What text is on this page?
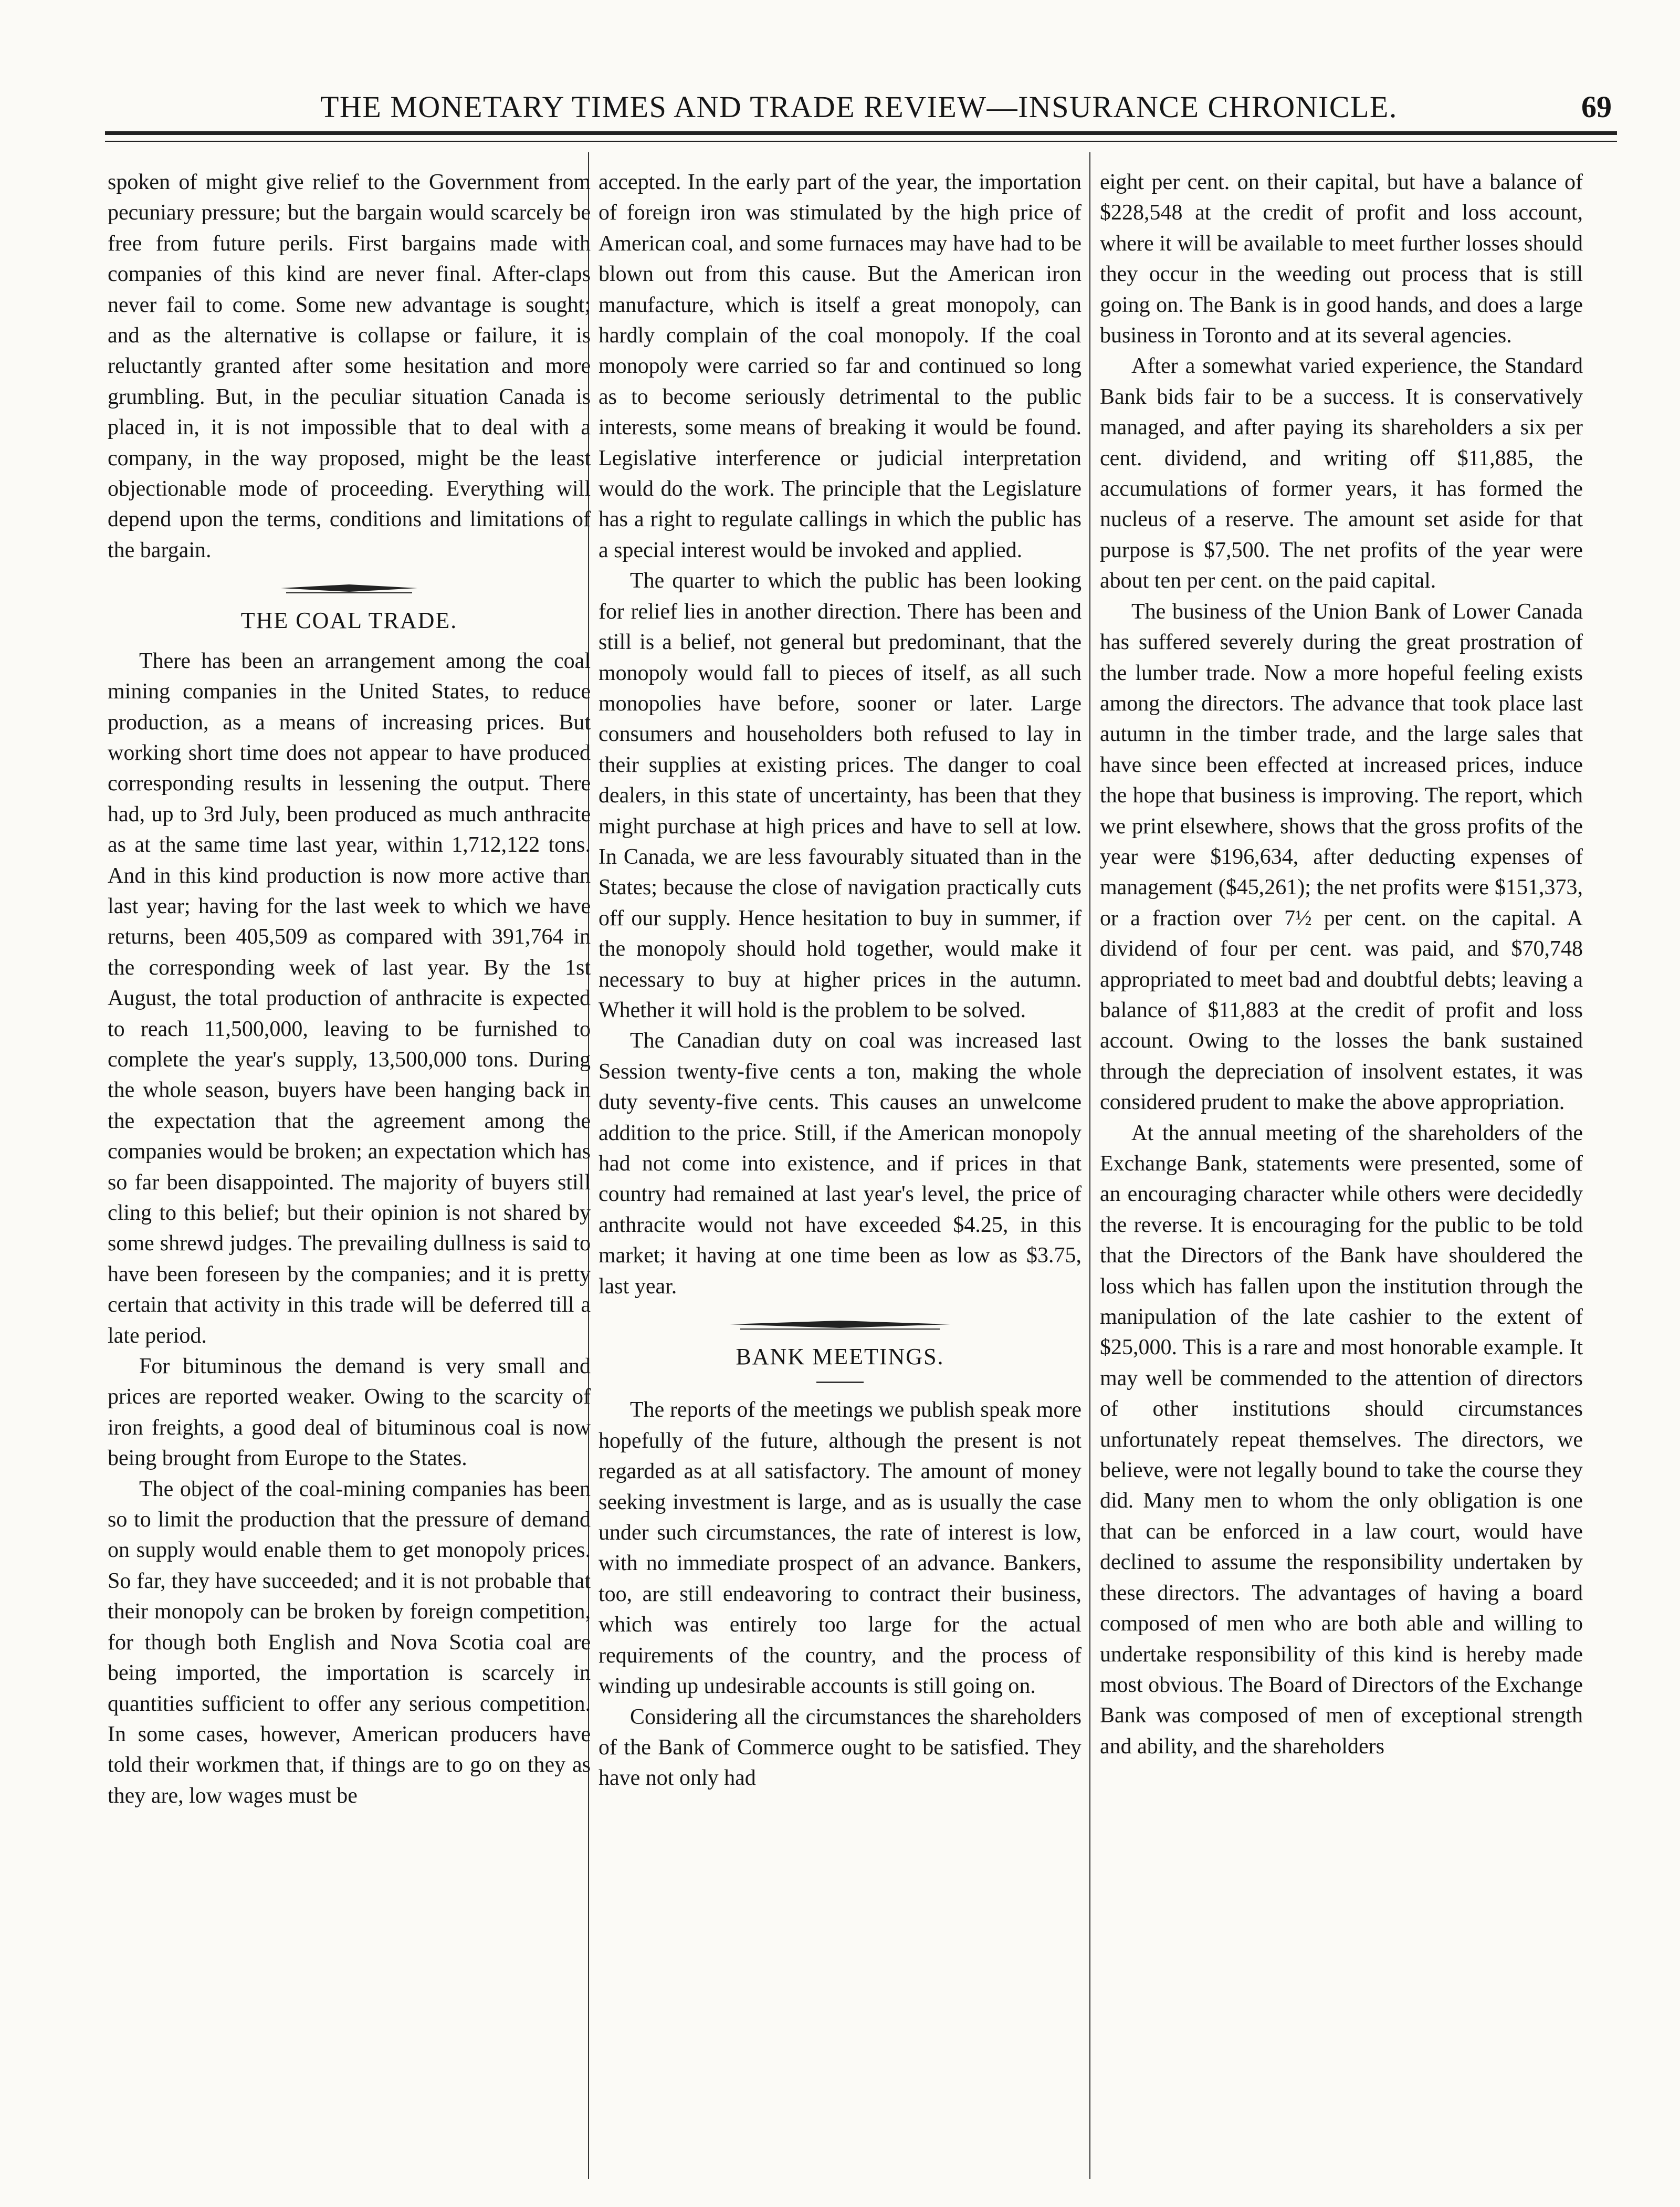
THE MONETARY TIMES AND TRADE REVIEW—INSURANCE CHRONICLE.	69

spoken of might give relief to the Government from pecuniary pressure; but the bargain would scarcely be free from future perils. First bargains made with companies of this kind are never final. After-claps never fail to come. Some new advantage is sought; and as the alternative is collapse or failure, it is reluctantly granted after some hesitation and more grumbling. But, in the peculiar situation Canada is placed in, it is not impossible that to deal with a company, in the way proposed, might be the least objectionable mode of proceeding. Everything will depend upon the terms, conditions and limitations of the bargain.

THE COAL TRADE.

There has been an arrangement among the coal mining companies in the United States, to reduce production, as a means of increasing prices. But working short time does not appear to have produced corresponding results in lessening the output. There had, up to 3rd July, been produced as much anthracite as at the same time last year, within 1,712,122 tons. And in this kind production is now more active than last year; having for the last week to which we have returns, been 405,509 as compared with 391,764 in the corresponding week of last year. By the 1st August, the total production of anthracite is expected to reach 11,500,000, leaving to be furnished to complete the year's supply, 13,500,000 tons. During the whole season, buyers have been hanging back in the expectation that the agreement among the companies would be broken; an expectation which has so far been disappointed. The majority of buyers still cling to this belief; but their opinion is not shared by some shrewd judges. The prevailing dullness is said to have been foreseen by the companies; and it is pretty certain that activity in this trade will be deferred till a late period.

For bituminous the demand is very small and prices are reported weaker. Owing to the scarcity of iron freights, a good deal of bituminous coal is now being brought from Europe to the States.

The object of the coal-mining companies has been so to limit the production that the pressure of demand on supply would enable them to get monopoly prices. So far, they have succeeded; and it is not probable that their monopoly can be broken by foreign competition, for though both English and Nova Scotia coal are being imported, the importation is scarcely in quantities sufficient to offer any serious competition. In some cases, however, American producers have told their workmen that, if things are to go on they as they are, low wages must be

accepted. In the early part of the year, the importation of foreign iron was stimulated by the high price of American coal, and some furnaces may have had to be blown out from this cause. But the American iron manufacture, which is itself a great monopoly, can hardly complain of the coal monopoly. If the coal monopoly were carried so far and continued so long as to become seriously detrimental to the public interests, some means of breaking it would be found. Legislative interference or judicial interpretation would do the work. The principle that the Legislature has a right to regulate callings in which the public has a special interest would be invoked and applied.

The quarter to which the public has been looking for relief lies in another direction. There has been and still is a belief, not general but predominant, that the monopoly would fall to pieces of itself, as all such monopolies have before, sooner or later. Large consumers and householders both refused to lay in their supplies at existing prices. The danger to coal dealers, in this state of uncertainty, has been that they might purchase at high prices and have to sell at low. In Canada, we are less favourably situated than in the States; because the close of navigation practically cuts off our supply. Hence hesitation to buy in summer, if the monopoly should hold together, would make it necessary to buy at higher prices in the autumn. Whether it will hold is the problem to be solved.

The Canadian duty on coal was increased last Session twenty-five cents a ton, making the whole duty seventy-five cents. This causes an unwelcome addition to the price. Still, if the American monopoly had not come into existence, and if prices in that country had remained at last year's level, the price of anthracite would not have exceeded $4.25, in this market; it having at one time been as low as $3.75, last year.

BANK MEETINGS.

The reports of the meetings we publish speak more hopefully of the future, although the present is not regarded as at all satisfactory. The amount of money seeking investment is large, and as is usually the case under such circumstances, the rate of interest is low, with no immediate prospect of an advance. Bankers, too, are still endeavoring to contract their business, which was entirely too large for the actual requirements of the country, and the process of winding up undesirable accounts is still going on.

Considering all the circumstances the shareholders of the Bank of Commerce ought to be satisfied. They have not only had

eight per cent. on their capital, but have a balance of $228,548 at the credit of profit and loss account, where it will be available to meet further losses should they occur in the weeding out process that is still going on. The Bank is in good hands, and does a large business in Toronto and at its several agencies.

After a somewhat varied experience, the Standard Bank bids fair to be a success. It is conservatively managed, and after paying its shareholders a six per cent. dividend, and writing off $11,885, the accumulations of former years, it has formed the nucleus of a reserve. The amount set aside for that purpose is $7,500. The net profits of the year were about ten per cent. on the paid capital.

The business of the Union Bank of Lower Canada has suffered severely during the great prostration of the lumber trade. Now a more hopeful feeling exists among the directors. The advance that took place last autumn in the timber trade, and the large sales that have since been effected at increased prices, induce the hope that business is improving. The report, which we print elsewhere, shows that the gross profits of the year were $196,634, after deducting expenses of management ($45,261); the net profits were $151,373, or a fraction over 7½ per cent. on the capital. A dividend of four per cent. was paid, and $70,748 appropriated to meet bad and doubtful debts; leaving a balance of $11,883 at the credit of profit and loss account. Owing to the losses the bank sustained through the depreciation of insolvent estates, it was considered prudent to make the above appropriation.

At the annual meeting of the shareholders of the Exchange Bank, statements were presented, some of an encouraging character while others were decidedly the reverse. It is encouraging for the public to be told that the Directors of the Bank have shouldered the loss which has fallen upon the institution through the manipulation of the late cashier to the extent of $25,000. This is a rare and most honorable example. It may well be commended to the attention of directors of other institutions should circumstances unfortunately repeat themselves. The directors, we believe, were not legally bound to take the course they did. Many men to whom the only obligation is one that can be enforced in a law court, would have declined to assume the responsibility undertaken by these directors. The advantages of having a board composed of men who are both able and willing to undertake responsibility of this kind is hereby made most obvious. The Board of Directors of the Exchange Bank was composed of men of exceptional strength and ability, and the shareholders
